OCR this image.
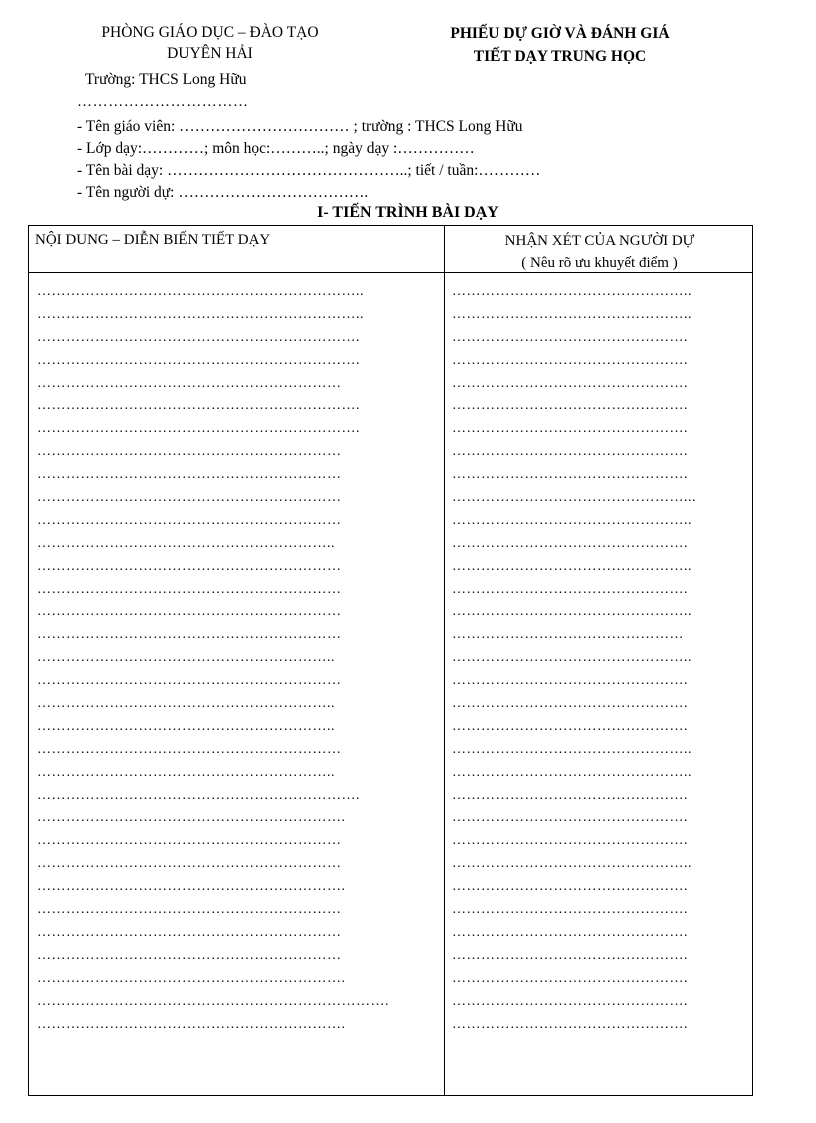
PHÒNG GIÁO DỤC – ĐÀO TẠO
DUYÊN HẢI
PHIẾU DỰ GIỜ VÀ ĐÁNH GIÁ
TIẾT DẠY TRUNG HỌC
Trường: THCS Long Hữu
……………………………
- Tên giáo viên: …………………………… ; trường : THCS Long Hữu
- Lớp dạy:…………; môn học:………..; ngày dạy :……………
- Tên bài dạy: ………………………………………..; tiết / tuần:…………
- Tên người dự: ……………………………….
I- TIẾN TRÌNH BÀI DẠY
NỘI DUNG – DIỄN BIẾN TIẾT DẠY	NHẬN XÉT CỦA NGƯỜI DỰ
( Nêu rõ ưu khuyết điểm )
…………………………………………………………..
…………………………………………………………..
………………………………………………………….
………………………………………………………….
………………………………………………………
………………………………………………………….
………………………………………………………….
………………………………………………………
………………………………………………………
………………………………………………………
………………………………………………………
……………………………………………………..
………………………………………………………
………………………………………………………
………………………………………………………
………………………………………………………
……………………………………………………..
………………………………………………………
……………………………………………………..
……………………………………………………..
………………………………………………………
……………………………………………………..
………………………………………………………….
……………………………………………………….
………………………………………………………
………………………………………………………
……………………………………………………….
………………………………………………………
………………………………………………………
………………………………………………………
……………………………………………………….
……………………………………………………………….
……………………………………………………….
…………………………………………..
…………………………………………..
………………………………………….
………………………………………….
………………………………………….
………………………………………….
………………………………………….
………………………………………….
………………………………………….
…………………………………………...
…………………………………………..
………………………………………….
…………………………………………..
………………………………………….
…………………………………………..
…………………………………………
…………………………………………..
………………………………………….
………………………………………….
………………………………………….
…………………………………………..
…………………………………………..
………………………………………….
………………………………………….
………………………………………….
…………………………………………..
………………………………………….
………………………………………….
………………………………………….
………………………………………….
………………………………………….
………………………………………….
………………………………………….
